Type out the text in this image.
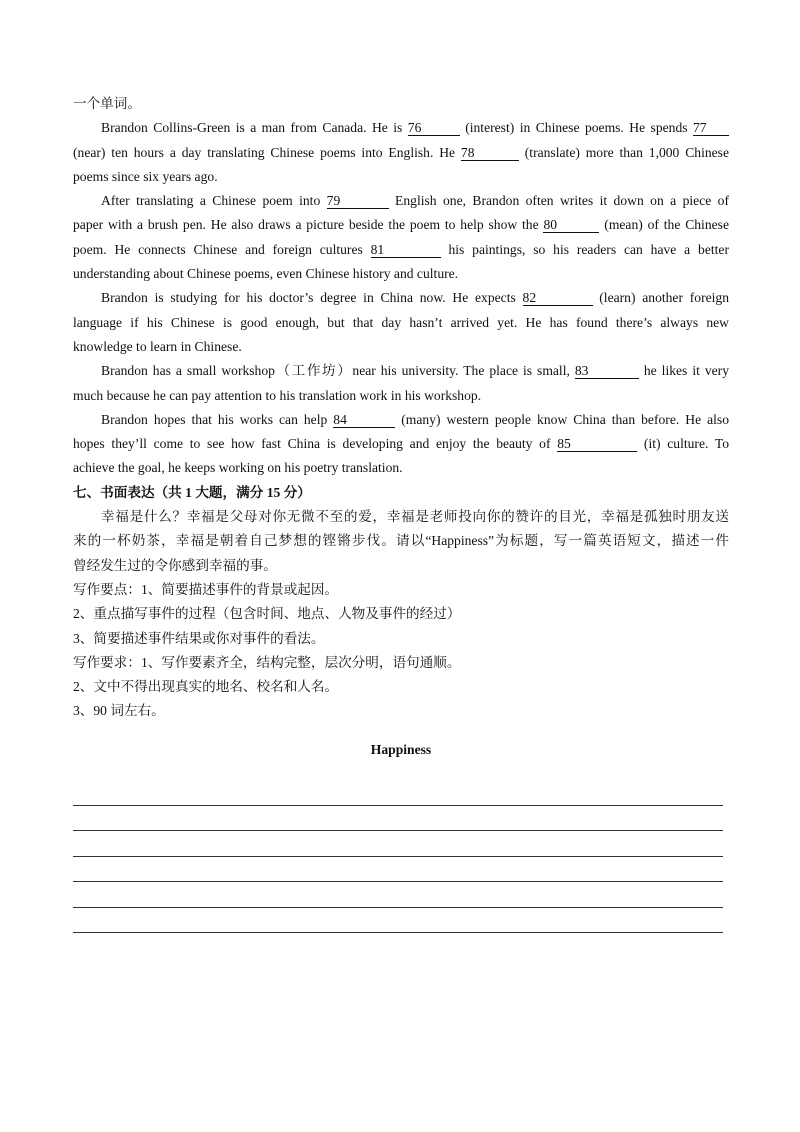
一个单词。
Brandon Collins-Green is a man from Canada. He is 76	(interest) in Chinese poems. He spends 77
(near) ten hours a day translating Chinese poems into English. He 78	(translate) more than 1,000 Chinese
poems since six years ago.
After translating a Chinese poem into 79	English one, Brandon often writes it down on a piece of
paper with a brush pen. He also draws a picture beside the poem to help show the 80	(mean) of the Chinese
poem. He connects Chinese and foreign cultures 81	his paintings, so his readers can have a better
understanding about Chinese poems, even Chinese history and culture.
Brandon is studying for his doctor’s degree in China now. He expects 82	(learn) another foreign
language if his Chinese is good enough, but that day hasn’t arrived yet. He has found there’s always new
knowledge to learn in Chinese.
Brandon has a small workshop（工作坊）near his university. The place is small, 83	he likes it very
much because he can pay attention to his translation work in his workshop.
Brandon hopes that his works can help 84	(many) western people know China than before. He also
hopes they’ll come to see how fast China is developing and enjoy the beauty of 85	(it) culture. To
achieve the goal, he keeps working on his poetry translation.
七、书面表达（共 1 大题，满分 15 分）
幸福是什么？幸福是父母对你无微不至的爱，幸福是老师投向你的赞许的目光，幸福是孤独时朋友送
来的一杯奶茶，幸福是朝着自己梦想的铿锵步伐。请以“Happiness”为标题，写一篇英语短文，描述一件
曾经发生过的令你感到幸福的事。
写作要点：1、简要描述事件的背景或起因。
2、重点描写事件的过程（包含时间、地点、人物及事件的经过）
3、简要描述事件结果或你对事件的看法。
写作要求：1、写作要素齐全，结构完整，层次分明，语句通顺。
2、文中不得出现真实的地名、校名和人名。
3、90 词左右。
Happiness
